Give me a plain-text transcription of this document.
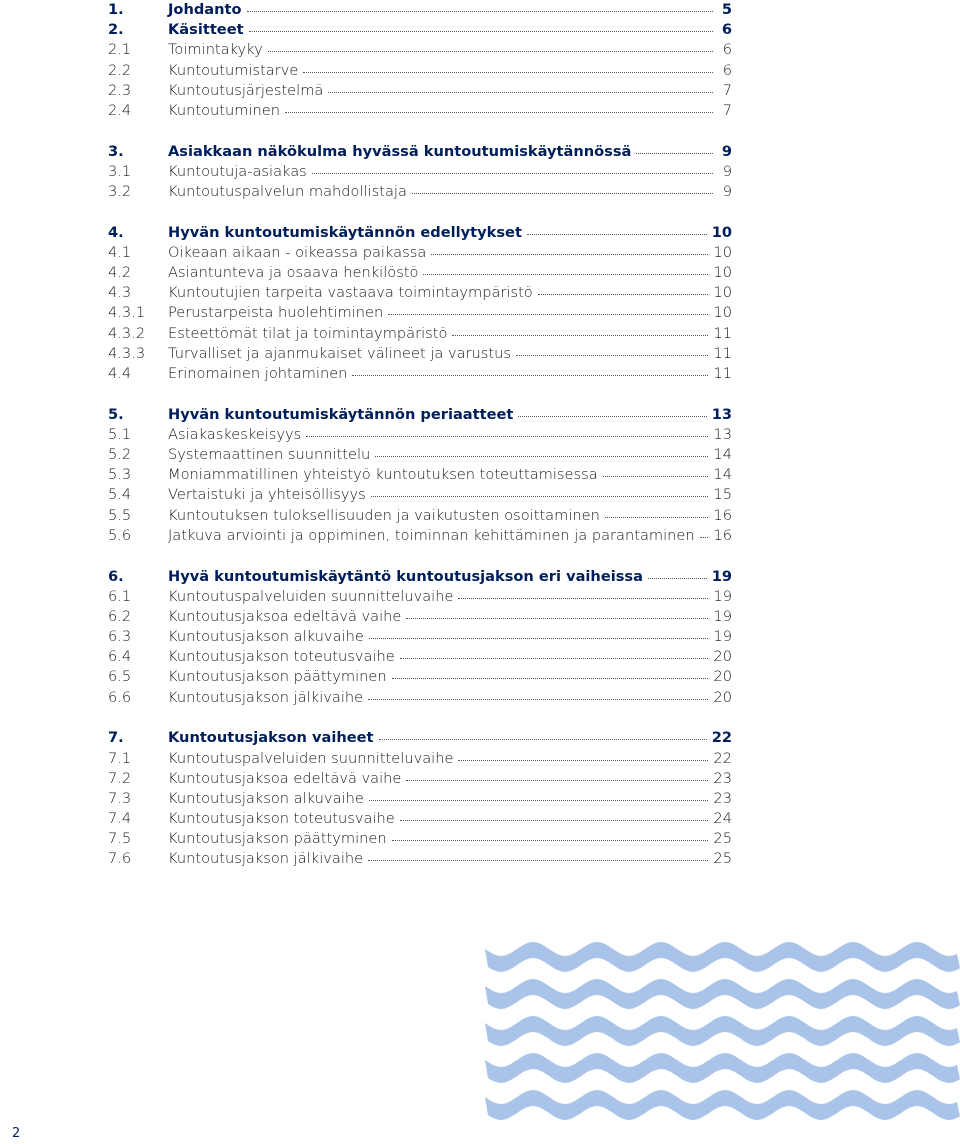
1.	Johdanto	5
2.	Käsitteet	6
2.1	Toimintakyky	6
2.2	Kuntoutumistarve	6
2.3	Kuntoutusjärjestelmä	7
2.4	Kuntoutuminen	7
3.	Asiakkaan näkökulma hyvässä kuntoutumiskäytännössä	9
3.1	Kuntoutuja-asiakas	9
3.2	Kuntoutuspalvelun mahdollistaja	9
4.	Hyvän kuntoutumiskäytännön edellytykset	10
4.1	Oikeaan aikaan - oikeassa paikassa	10
4.2	Asiantunteva ja osaava henkilöstö	10
4.3	Kuntoutujien tarpeita vastaava toimintaympäristö	10
4.3.1	Perustarpeista huolehtiminen	10
4.3.2	Esteettömät tilat ja toimintaympäristö	11
4.3.3	Turvalliset ja ajanmukaiset välineet ja varustus	11
4.4	Erinomainen johtaminen	11
5.	Hyvän kuntoutumiskäytännön periaatteet	13
5.1	Asiakaskeskeisyys	13
5.2	Systemaattinen suunnittelu	14
5.3	Moniammatillinen yhteistyö kuntoutuksen toteuttamisessa	14
5.4	Vertaistuki ja yhteisöllisyys	15
5.5	Kuntoutuksen tuloksellisuuden ja vaikutusten osoittaminen	16
5.6	Jatkuva arviointi ja oppiminen, toiminnan kehittäminen ja parantaminen 16
6.	Hyvä kuntoutumiskäytäntö kuntoutusjakson eri vaiheissa	19
6.1	Kuntoutuspalveluiden suunnitteluvaihe	19
6.2	Kuntoutusjaksoa edeltävä vaihe	19
6.3	Kuntoutusjakson alkuvaihe	19
6.4	Kuntoutusjakson toteutusvaihe	20
6.5	Kuntoutusjakson päättyminen	20
6.6	Kuntoutusjakson jälkivaihe	20
7.	Kuntoutusjakson vaiheet	22
7.1	Kuntoutuspalveluiden suunnitteluvaihe	22
7.2	Kuntoutusjaksoa edeltävä vaihe	23
7.3	Kuntoutusjakson alkuvaihe	23
7.4	Kuntoutusjakson toteutusvaihe	24
7.5	Kuntoutusjakson päättyminen	25
7.6	Kuntoutusjakson jälkivaihe	25
2
